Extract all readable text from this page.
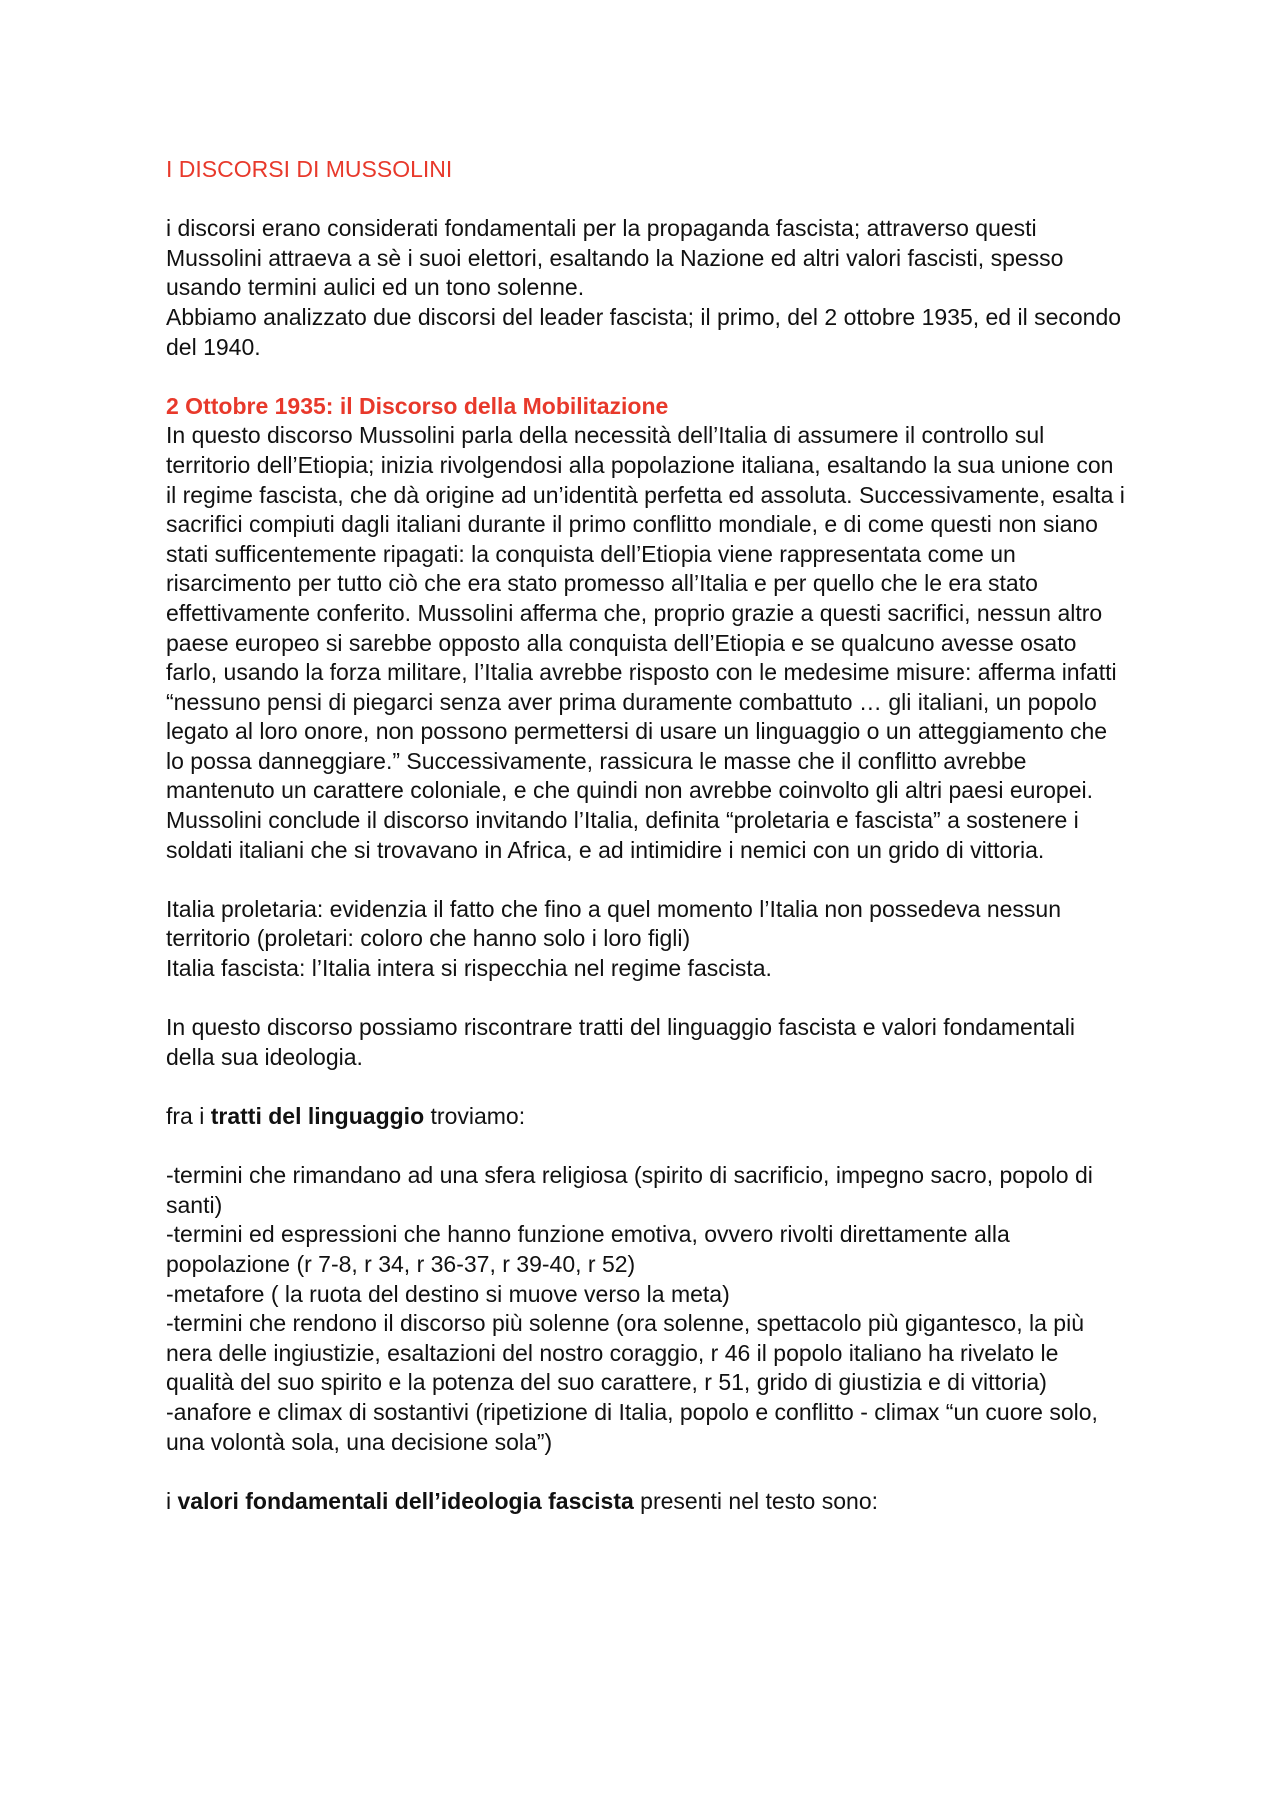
I DISCORSI DI MUSSOLINI

i discorsi erano considerati fondamentali per la propaganda fascista; attraverso questi Mussolini attraeva a sè i suoi elettori, esaltando la Nazione ed altri valori fascisti, spesso usando termini aulici ed un tono solenne.

Abbiamo analizzato due discorsi del leader fascista; il primo, del 2 ottobre 1935, ed il secondo del 1940.

2 Ottobre 1935: il Discorso della Mobilitazione

In questo discorso Mussolini parla della necessità dell’Italia di assumere il controllo sul territorio dell’Etiopia; inizia rivolgendosi alla popolazione italiana, esaltando la sua unione con il regime fascista, che dà origine ad un’identità perfetta ed assoluta. Successivamente, esalta i sacrifici compiuti dagli italiani durante il primo conflitto mondiale, e di come questi non siano stati sufficentemente ripagati: la conquista dell’Etiopia viene rappresentata come un risarcimento per tutto ciò che era stato promesso all’Italia e per quello che le era stato effettivamente conferito. Mussolini afferma che, proprio grazie a questi sacrifici, nessun altro paese europeo si sarebbe opposto alla conquista dell’Etiopia e se qualcuno avesse osato farlo, usando la forza militare, l’Italia avrebbe risposto con le medesime misure: afferma infatti “nessuno pensi di piegarci senza aver prima duramente combattuto … gli italiani, un popolo legato al loro onore, non possono permettersi di usare un linguaggio o un atteggiamento che lo possa danneggiare.” Successivamente, rassicura le masse che il conflitto avrebbe mantenuto un carattere coloniale, e che quindi non avrebbe coinvolto gli altri paesi europei. Mussolini conclude il discorso invitando l’Italia, definita “proletaria e fascista” a sostenere i soldati italiani che si trovavano in Africa, e ad intimidire i nemici con un grido di vittoria.

Italia proletaria: evidenzia il fatto che fino a quel momento l’Italia non possedeva nessun territorio (proletari: coloro che hanno solo i loro figli)

Italia fascista: l’Italia intera si rispecchia nel regime fascista.

In questo discorso possiamo riscontrare tratti del linguaggio fascista e valori fondamentali della sua ideologia.

fra i tratti del linguaggio troviamo:

-termini che rimandano ad una sfera religiosa (spirito di sacrificio, impegno sacro, popolo di santi)

-termini ed espressioni che hanno funzione emotiva, ovvero rivolti direttamente alla popolazione (r 7-8, r 34, r 36-37, r 39-40, r 52)

-metafore ( la ruota del destino si muove verso la meta)

-termini che rendono il discorso più solenne (ora solenne, spettacolo più gigantesco, la più nera delle ingiustizie, esaltazioni del nostro coraggio, r 46 il popolo italiano ha rivelato le qualità del suo spirito e la potenza del suo carattere, r 51, grido di giustizia e di vittoria)

-anafore e climax di sostantivi (ripetizione di Italia, popolo e conflitto - climax “un cuore solo, una volontà sola, una decisione sola”)

i valori fondamentali dell’ideologia fascista presenti nel testo sono:
